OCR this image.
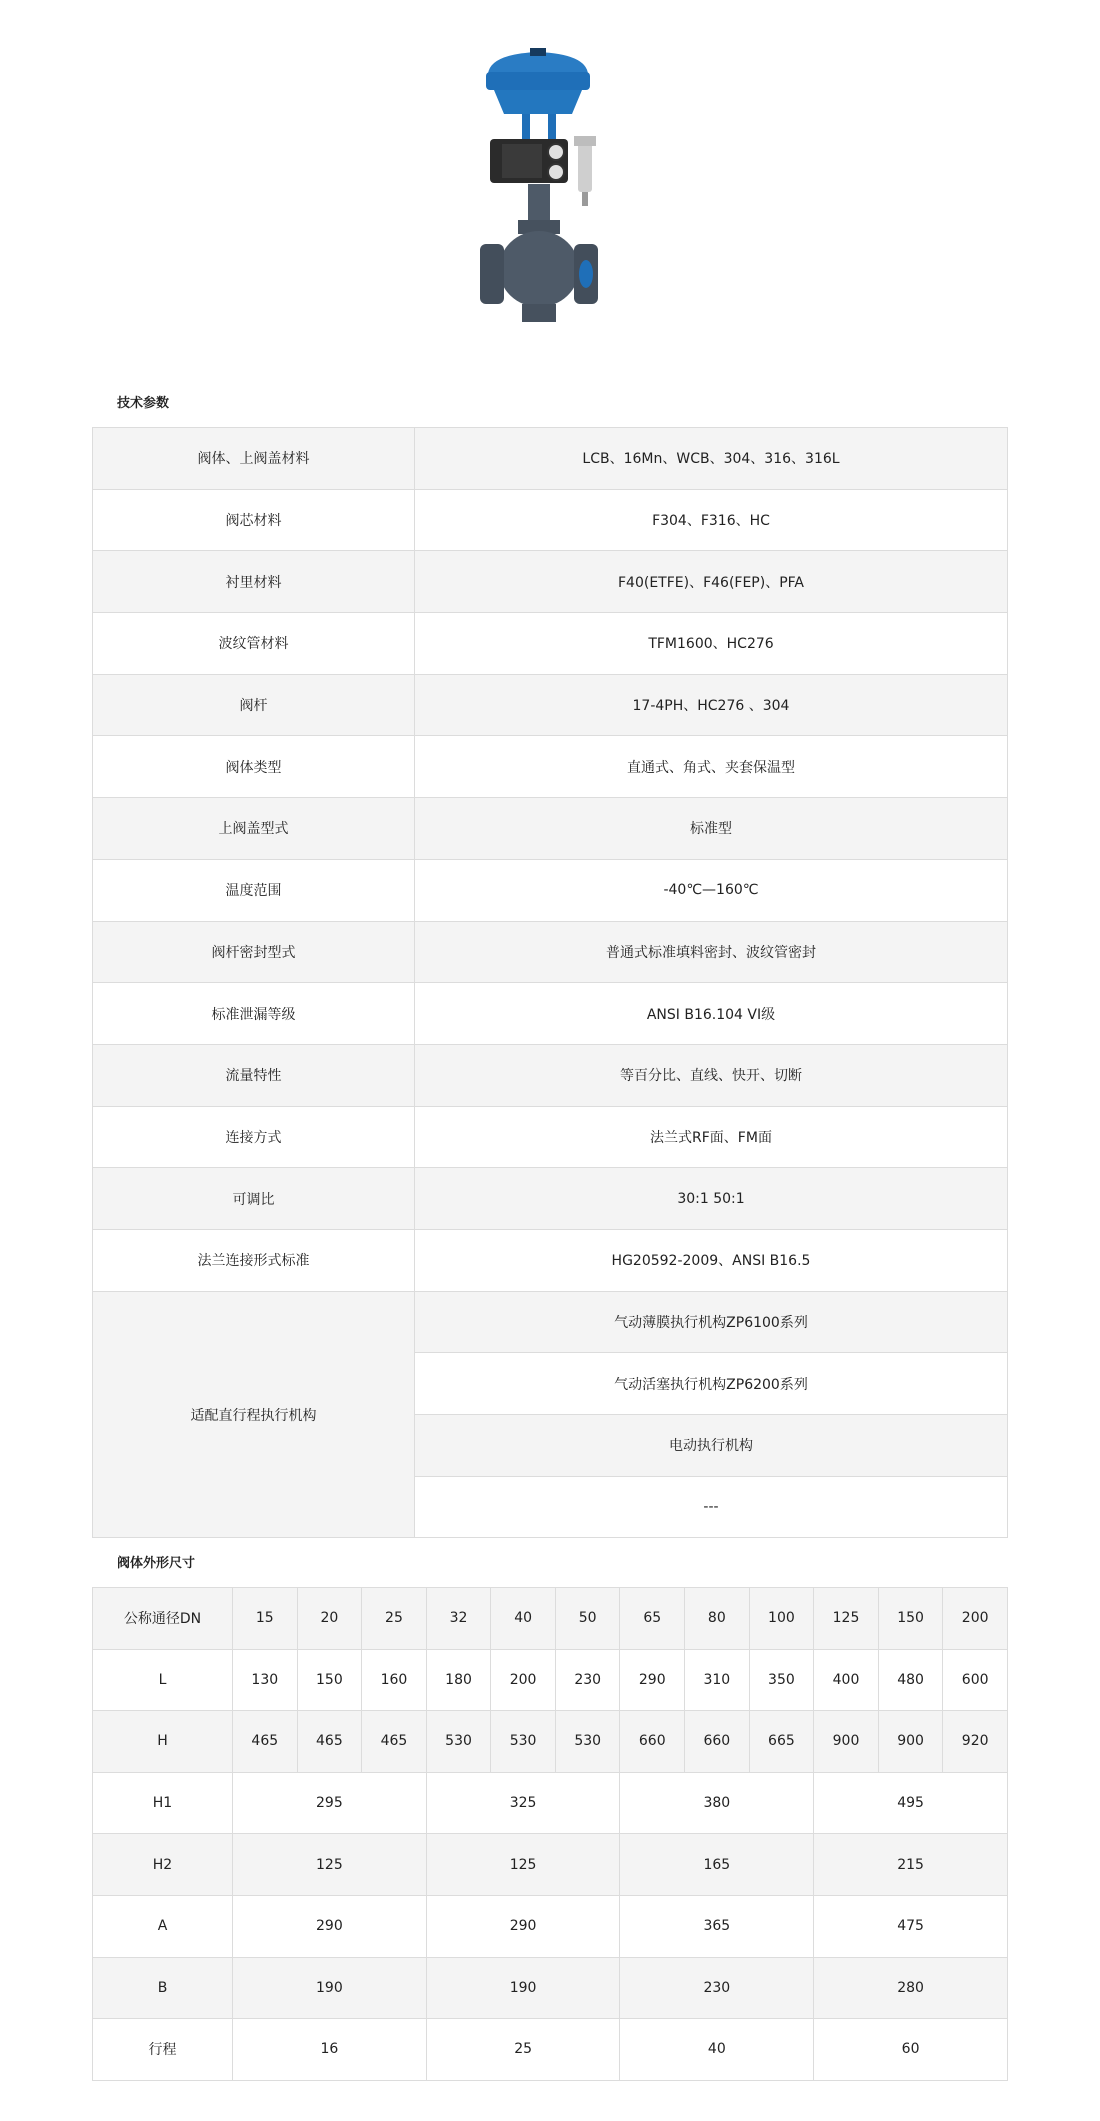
技术参数
阀体、上阀盖材料	LCB、16Mn、WCB、304、316、316L
阀芯材料	F304、F316、HC
衬里材料	F40(ETFE)、F46(FEP)、PFA
波纹管材料	TFM1600、HC276
阀杆	17-4PH、HC276 、304
阀体类型	直通式、角式、夹套保温型
上阀盖型式	标准型
温度范围	-40℃—160℃
阀杆密封型式	普通式标准填料密封、波纹管密封
标准泄漏等级	ANSI B16.104 VI级
流量特性	等百分比、直线、快开、切断
连接方式	法兰式RF面、FM面
可调比	30:1 50:1
法兰连接形式标准	HG20592-2009、ANSI B16.5
适配直行程执行机构	气动薄膜执行机构ZP6100系列
	气动活塞执行机构ZP6200系列
	电动执行机构
	---
阀体外形尺寸
公称通径DN	15	20	25	32	40	50	65	80	100	125	150	200
L	130	150	160	180	200	230	290	310	350	400	480	600
H	465	465	465	530	530	530	660	660	665	900	900	920
H1	295			325			380			495		
H2	125			125			165			215		
A	290			290			365			475		
B	190			190			230			280		
行程	16			25			40			60		
